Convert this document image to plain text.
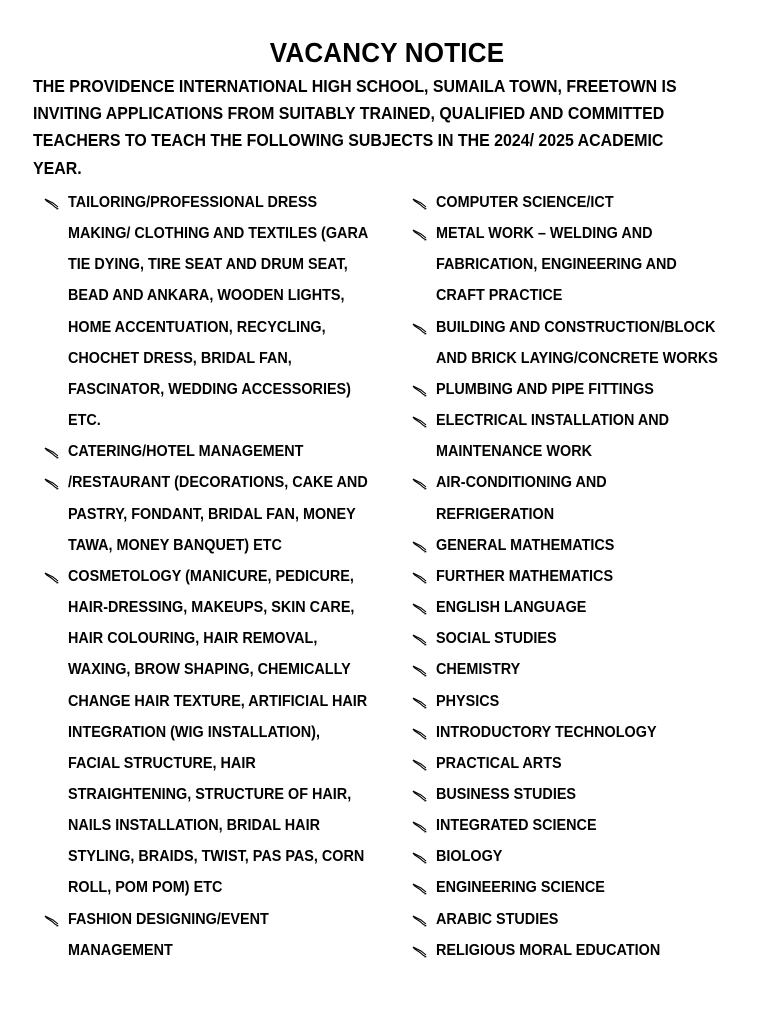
VACANCY NOTICE
THE PROVIDENCE INTERNATIONAL HIGH SCHOOL, SUMAILA TOWN, FREETOWN IS
INVITING APPLICATIONS FROM SUITABLY TRAINED, QUALIFIED AND COMMITTED
TEACHERS TO TEACH THE FOLLOWING SUBJECTS IN THE 2024/ 2025 ACADEMIC
YEAR.
TAILORING/PROFESSIONAL DRESS
MAKING/ CLOTHING AND TEXTILES (GARA
TIE DYING, TIRE SEAT AND DRUM SEAT,
BEAD AND ANKARA, WOODEN LIGHTS,
HOME ACCENTUATION, RECYCLING,
CHOCHET DRESS, BRIDAL FAN,
FASCINATOR, WEDDING ACCESSORIES)
ETC.
CATERING/HOTEL MANAGEMENT
/RESTAURANT (DECORATIONS, CAKE AND
PASTRY, FONDANT, BRIDAL FAN, MONEY
TAWA, MONEY BANQUET) ETC
COSMETOLOGY (MANICURE, PEDICURE,
HAIR-DRESSING, MAKEUPS, SKIN CARE,
HAIR COLOURING, HAIR REMOVAL,
WAXING, BROW SHAPING, CHEMICALLY
CHANGE HAIR TEXTURE, ARTIFICIAL HAIR
INTEGRATION (WIG INSTALLATION),
FACIAL STRUCTURE, HAIR
STRAIGHTENING, STRUCTURE OF HAIR,
NAILS INSTALLATION, BRIDAL HAIR
STYLING, BRAIDS, TWIST, PAS PAS, CORN
ROLL, POM POM) ETC
FASHION DESIGNING/EVENT
MANAGEMENT
COMPUTER SCIENCE/ICT
METAL WORK – WELDING AND
FABRICATION, ENGINEERING AND
CRAFT PRACTICE
BUILDING AND CONSTRUCTION/BLOCK
AND BRICK LAYING/CONCRETE WORKS
PLUMBING AND PIPE FITTINGS
ELECTRICAL INSTALLATION AND
MAINTENANCE WORK
AIR-CONDITIONING AND
REFRIGERATION
GENERAL MATHEMATICS
FURTHER MATHEMATICS
ENGLISH LANGUAGE
SOCIAL STUDIES
CHEMISTRY
PHYSICS
INTRODUCTORY TECHNOLOGY
PRACTICAL ARTS
BUSINESS STUDIES
INTEGRATED SCIENCE
BIOLOGY
ENGINEERING SCIENCE
ARABIC STUDIES
RELIGIOUS MORAL EDUCATION
